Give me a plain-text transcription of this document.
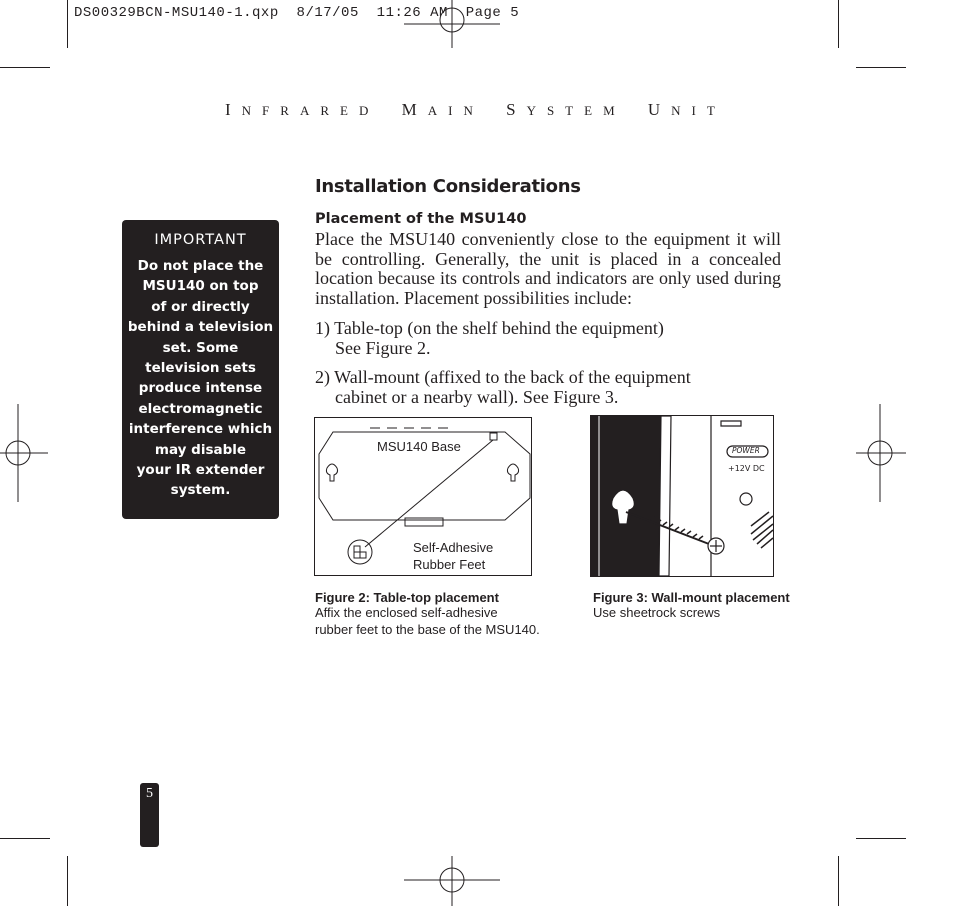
DS00329BCN-MSU140-1.qxp 8/17/05 11:26 AM Page 5
INFRARED MAIN SYSTEM UNIT
IMPORTANT
Do not place the
MSU140 on top
of or directly
behind a television
set. Some
television sets
produce intense
electromagnetic
interference which
may disable
your IR extender
system.
Installation Considerations
Placement of the MSU140
Place the MSU140 conveniently close to the equipment it will be controlling. Generally, the unit is placed in a concealed location because its controls and indicators are only used during installation. Placement possibilities include:
1) Table-top (on the shelf behind the equipment)
See Figure 2.
2) Wall-mount (affixed to the back of the equipment
cabinet or a nearby wall). See Figure 3.
MSU140 Base
Self-Adhesive
Rubber Feet
Figure 2: Table-top placement
Affix the enclosed self-adhesive
rubber feet to the base of the MSU140.
POWER
+12V DC
Figure 3: Wall-mount placement
Use sheetrock screws
5
